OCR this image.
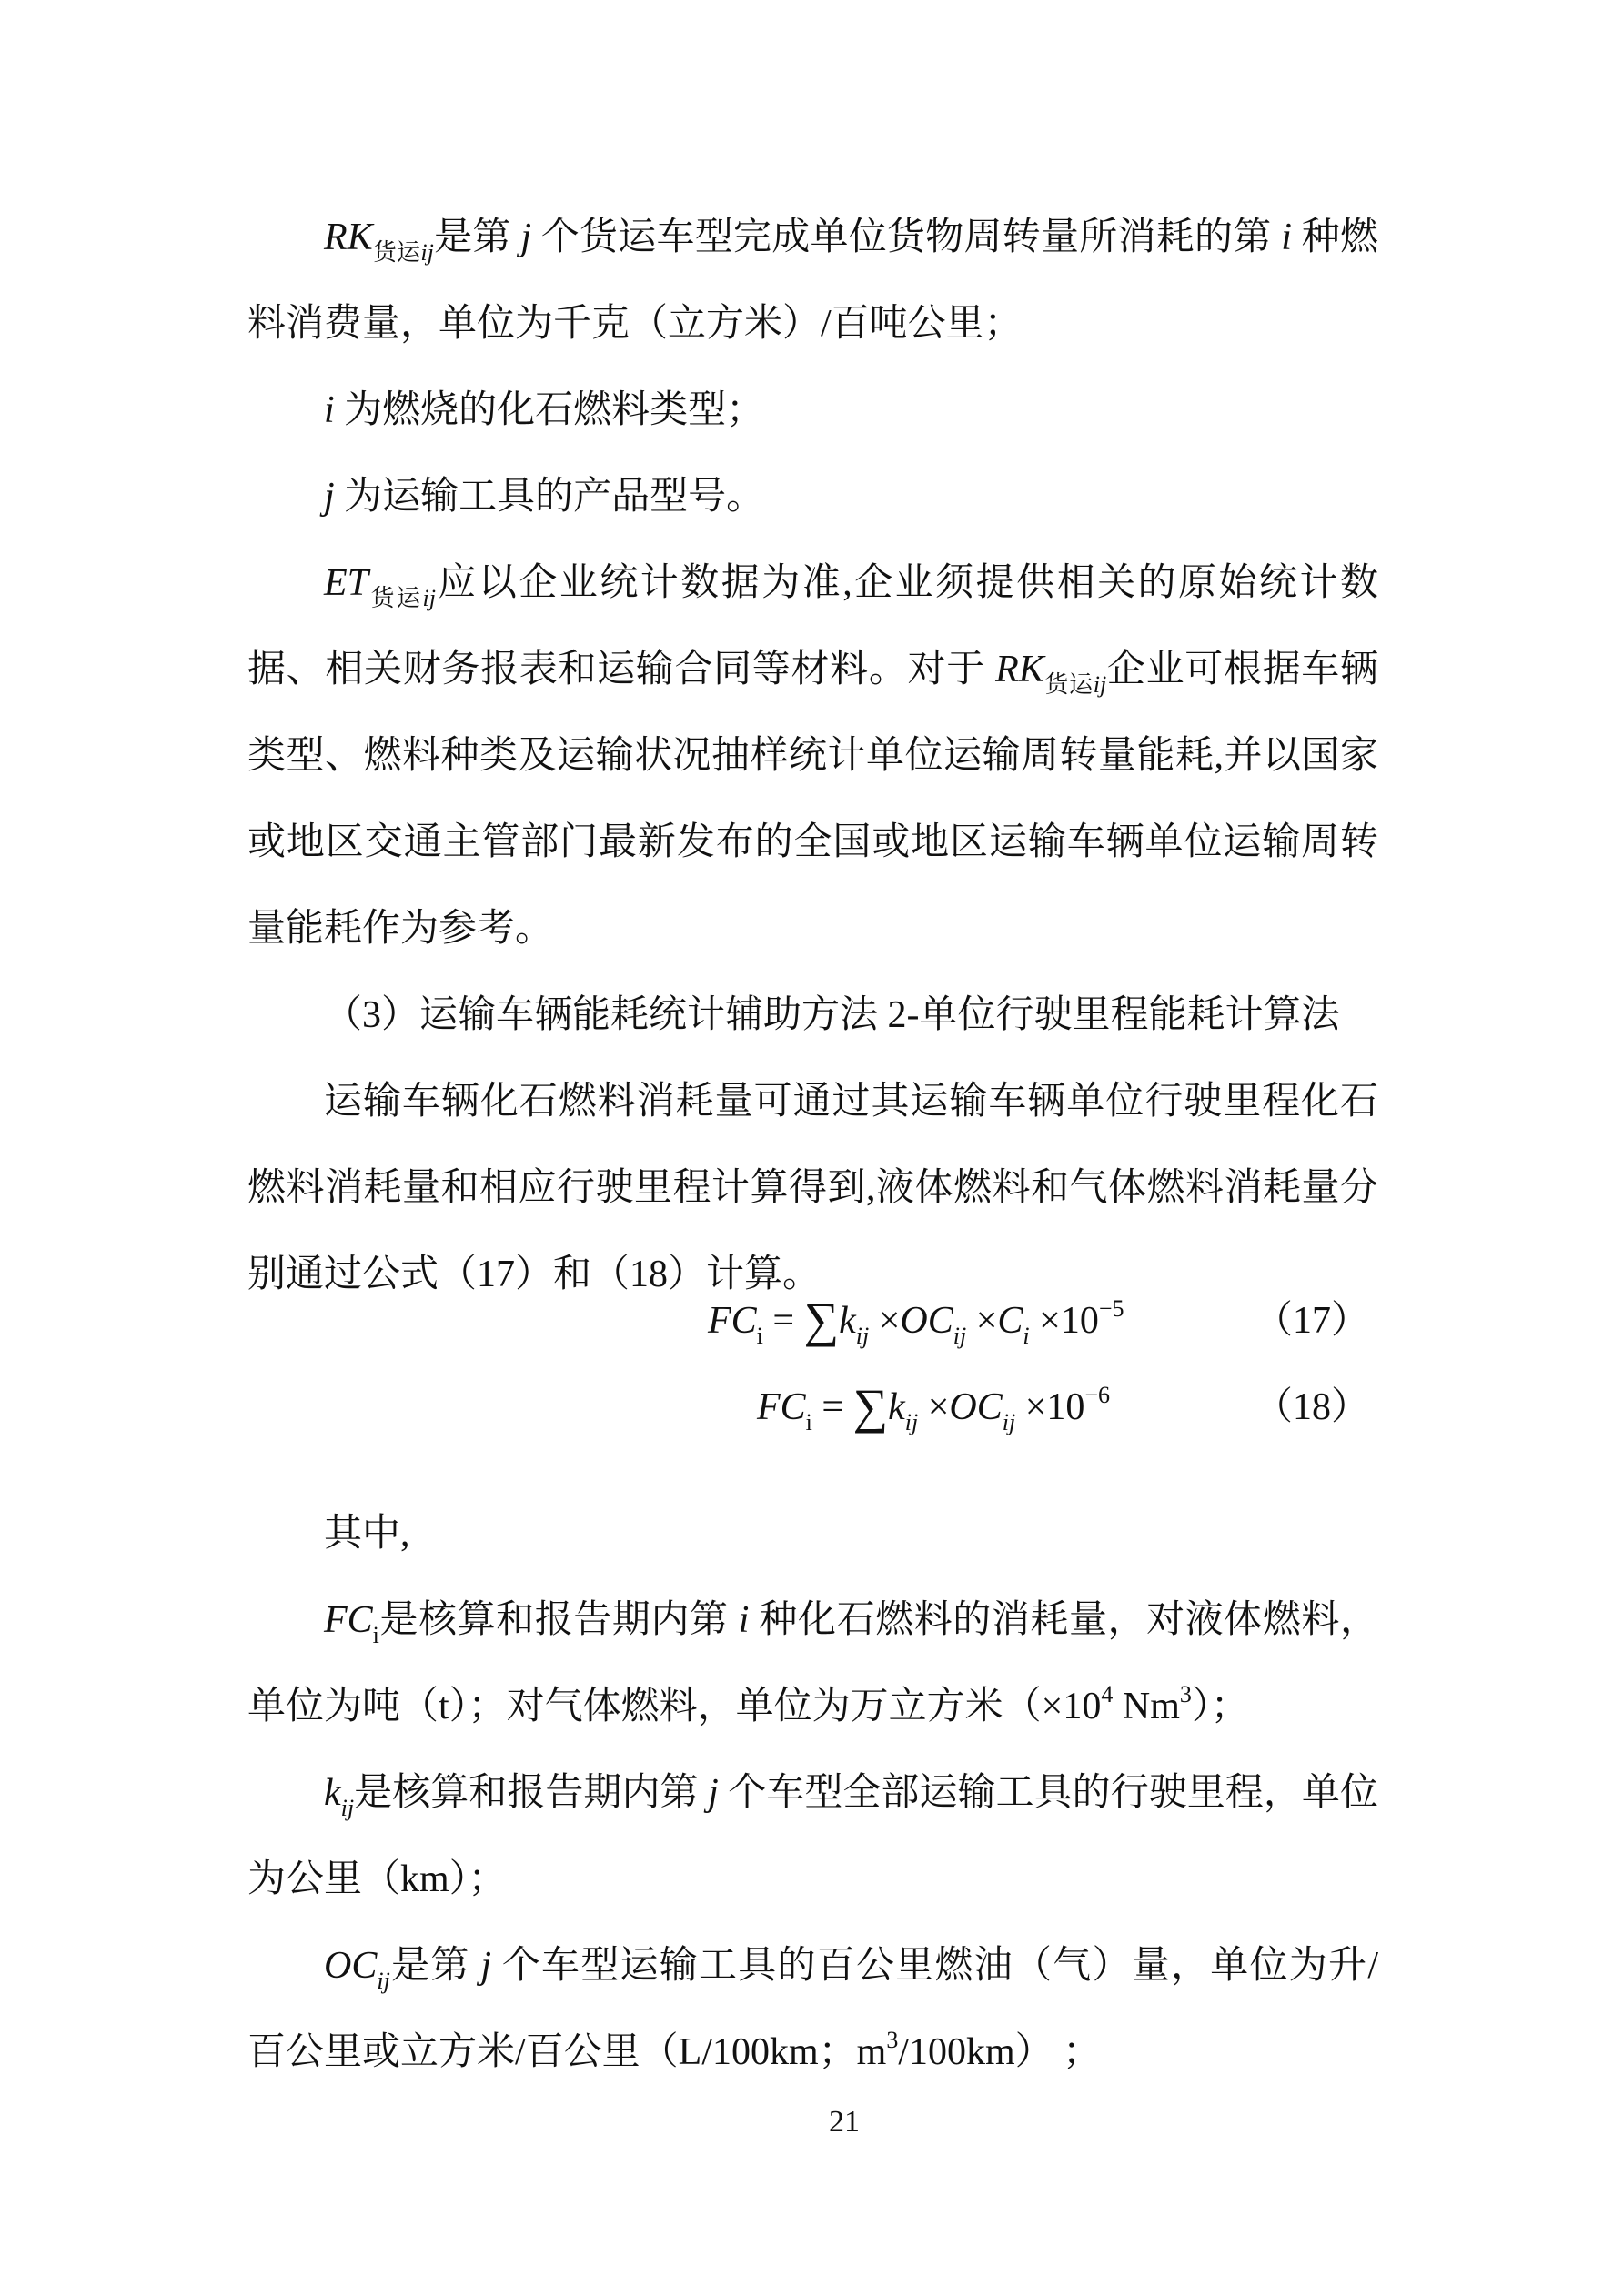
$RK_{货运ij}$是第 j 个货运车型完成单位货物周转量所消耗的第 i 种燃料消费量，单位为千克（立方米）/百吨公里；

i 为燃烧的化石燃料类型；

j 为运输工具的产品型号。

$ET_{货运ij}$应以企业统计数据为准,企业须提供相关的原始统计数据、相关财务报表和运输合同等材料。对于 $RK_{货运ij}$企业可根据车辆类型、燃料种类及运输状况抽样统计单位运输周转量能耗,并以国家或地区交通主管部门最新发布的全国或地区运输车辆单位运输周转量能耗作为参考。

（3）运输车辆能耗统计辅助方法 2-单位行驶里程能耗计算法

运输车辆化石燃料消耗量可通过其运输车辆单位行驶里程化石燃料消耗量和相应行驶里程计算得到,液体燃料和气体燃料消耗量分别通过公式（17）和（18）计算。

$FC_i = \sum k_{ij} \times OC_{ij} \times C_i \times 10^{-5}$	（17）
$FC_i = \sum k_{ij} \times OC_{ij} \times 10^{-6}$	（18）

其中,

$FC_i$是核算和报告期内第 i 种化石燃料的消耗量，对液体燃料，单位为吨（t）；对气体燃料，单位为万立方米（$\times 10^4$ Nm$^3$）；

$k_{ij}$是核算和报告期内第 j 个车型全部运输工具的行驶里程，单位为公里（km）；

$OC_{ij}$是第 j 个车型运输工具的百公里燃油（气）量，单位为升/百公里或立方米/百公里（L/100km；$m^3/100km$） ；

21
